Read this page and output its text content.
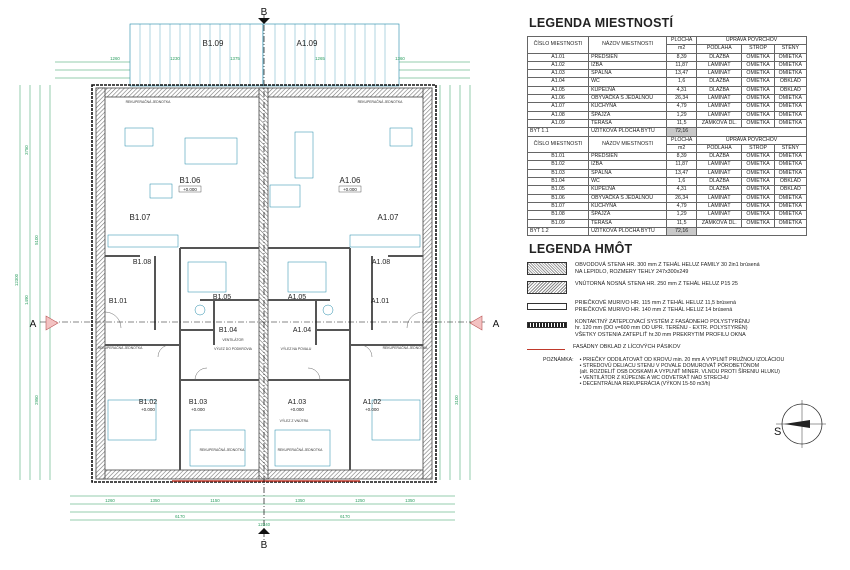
B
B
A	A
B1.09	A1.09
B1.06
+0.000
A1.06
+0.000
B1.07	A1.07
B1.08	A1.08
B1.05	A1.05
B1.01	A1.01
B1.04	A1.04
B1.02
+0.000
B1.03
+0.000
A1.03
+0.000
A1.02
+0.000
REKUPERAČNÁ JEDNOTKA	REKUPERAČNÁ JEDNOTKA
VENTILÁTOR
VÝLEZ DO PODKROVIA	VÝLEZ NA POVALU
REKUPERAČNÁ JEDNOTKA	REKUPERAČNÁ JEDNOTKA
REKUPERAČNÁ JEDNOTKA	REKUPERAČNÁ JEDNOTKA
VÝLEZ Z VNÚTRA
1260	1230	1375	1265	1360
1260	1350	1150	1350	1250	1350
6170	6170
12340
3750
5100
1490
12300
2950	3100
LEGENDA MIESTNOSTÍ
ČÍSLO MIESTNOSTI	NÁZOV MIESTNOSTI	PLOCHA	ÚPRAVA POVRCHOV		
		m2	PODLAHA	STROP	STENY
A1.01	PREDSIEŇ	8,39	DLAŽBA	OMIETKA	OMIETKA
A1.02	IZBA	11,87	LAMINÁT	OMIETKA	OMIETKA
A1.03	SPÁLŇA	13,47	LAMINÁT	OMIETKA	OMIETKA
A1.04	WC	1,6	DLAŽBA	OMIETKA	OBKLAD
A1.05	KÚPEĽŇA	4,31	DLAŽBA	OMIETKA	OBKLAD
A1.06	OBÝVAČKA S JEDÁLŇOU	26,34	LAMINÁT	OMIETKA	OMIETKA
A1.07	KUCHYŇA	4,79	LAMINÁT	OMIETKA	OMIETKA
A1.08	ŠPAJZA	1,29	LAMINÁT	OMIETKA	OMIETKA
A1.09	TERASA	11,5	ZÁMKOVÁ DL.	OMIETKA	OMIETKA
BYT 1.1	ÚŽITKOVÁ PLOCHA BYTU	72,16			
ČÍSLO MIESTNOSTI	NÁZOV MIESTNOSTI	PLOCHA	ÚPRAVA POVRCHOV		
		m2	PODLAHA	STROP	STENY
B1.01	PREDSIEŇ	8,39	DLAŽBA	OMIETKA	OMIETKA
B1.02	IZBA	11,87	LAMINÁT	OMIETKA	OMIETKA
B1.03	SPÁLŇA	13,47	LAMINÁT	OMIETKA	OMIETKA
B1.04	WC	1,6	DLAŽBA	OMIETKA	OBKLAD
B1.05	KÚPEĽŇA	4,31	DLAŽBA	OMIETKA	OBKLAD
B1.06	OBÝVAČKA S JEDÁLŇOU	26,34	LAMINÁT	OMIETKA	OMIETKA
B1.07	KUCHYŇA	4,79	LAMINÁT	OMIETKA	OMIETKA
B1.08	ŠPAJZA	1,29	LAMINÁT	OMIETKA	OMIETKA
B1.09	TERASA	11,5	ZÁMKOVÁ DL.	OMIETKA	OMIETKA
BYT 1.2	ÚŽITKOVÁ PLOCHA BYTU	72,16			
LEGENDA HMÔT
OBVODOVÁ STENA HR. 300 mm Z TEHÁL HELUZ FAMILY 30 2in1 brúsená
NA LEPIDLO, ROZMERY TEHLY 247x300x249
VNÚTORNÁ NOSNÁ STENA HR. 250 mm Z TEHÁL HELUZ P15 25
PRIEČKOVÉ MURIVO HR. 115 mm Z TEHÁL HELUZ 11,5 brúsená
PRIEČKOVÉ MURIVO HR. 140 mm Z TEHÁL HELUZ 14 brúsená
KONTAKTNÝ ZATEPĽOVACÍ SYSTÉM Z FASÁDNEHO POLYSTYRÉNU
hr. 120 mm (DO v=600 mm OD UPR. TERÉNU - EXTR. POLYSTYRÉN)
VŠETKY OSTENIA ZATEPLIŤ hr.30 mm PREKRYTIM PROFILU OKNA
FASÁDNY OBKLAD Z LÍCOVÝCH PÁSIKOV
POZNÁMKA: • PRIEČKY ODDILATOVAŤ OD KROVU min. 20 mm A VYPLNIŤ PRUŽNOU IZOLÁCIOU
• STREDOVÚ DELIACU STENU V POVALE DOMUROVAŤ PÓROBETÓNOM
(alt. ROZDELIŤ OSB DOSKAMI A VYPLNIŤ MINER. VLNOU PROTI ŠÍRENIU HLUKU)
• VENTILÁTOR Z KÚPEĽNE A WC ODVETRAŤ NAD STRECHU
• DECENTRÁLNA REKUPERÁCIA (VÝKON 15-50 m3/h)
S
